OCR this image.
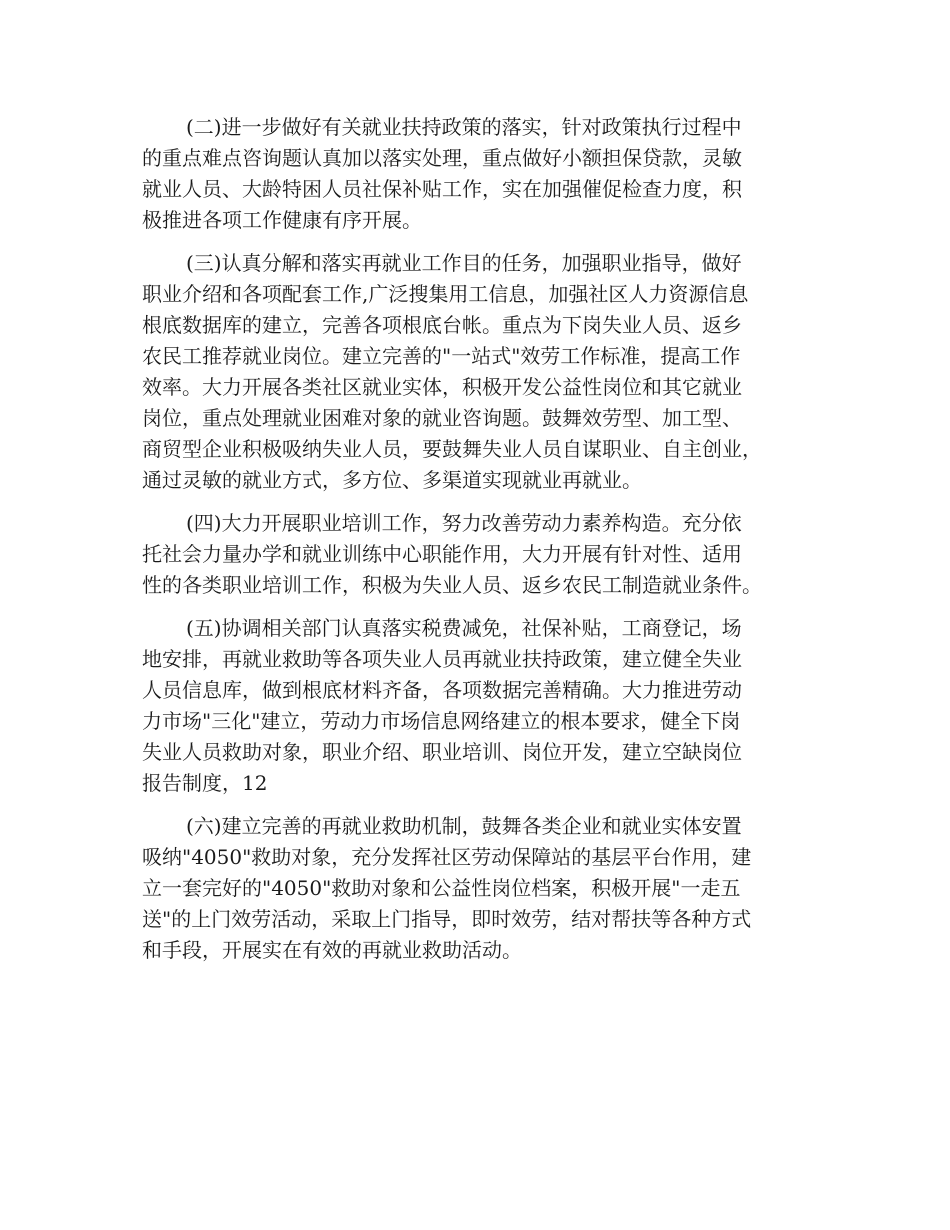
(二)进一步做好有关就业扶持政策的落实，针对政策执行过程中
的重点难点咨询题认真加以落实处理，重点做好小额担保贷款，灵敏
就业人员、大龄特困人员社保补贴工作，实在加强催促检查力度，积
极推进各项工作健康有序开展。
(三)认真分解和落实再就业工作目的任务，加强职业指导，做好
职业介绍和各项配套工作,广泛搜集用工信息，加强社区人力资源信息
根底数据库的建立，完善各项根底台帐。重点为下岗失业人员、返乡
农民工推荐就业岗位。建立完善的"一站式"效劳工作标准，提高工作
效率。大力开展各类社区就业实体，积极开发公益性岗位和其它就业
岗位，重点处理就业困难对象的就业咨询题。鼓舞效劳型、加工型、
商贸型企业积极吸纳失业人员，要鼓舞失业人员自谋职业、自主创业，
通过灵敏的就业方式，多方位、多渠道实现就业再就业。
(四)大力开展职业培训工作，努力改善劳动力素养构造。充分依
托社会力量办学和就业训练中心职能作用，大力开展有针对性、适用
性的各类职业培训工作，积极为失业人员、返乡农民工制造就业条件。
(五)协调相关部门认真落实税费减免，社保补贴，工商登记，场
地安排，再就业救助等各项失业人员再就业扶持政策，建立健全失业
人员信息库，做到根底材料齐备，各项数据完善精确。大力推进劳动
力市场"三化"建立，劳动力市场信息网络建立的根本要求，健全下岗
失业人员救助对象，职业介绍、职业培训、岗位开发，建立空缺岗位
报告制度，12
(六)建立完善的再就业救助机制，鼓舞各类企业和就业实体安置
吸纳"4050"救助对象，充分发挥社区劳动保障站的基层平台作用，建
立一套完好的"4050"救助对象和公益性岗位档案，积极开展"一走五
送"的上门效劳活动，采取上门指导，即时效劳，结对帮扶等各种方式
和手段，开展实在有效的再就业救助活动。
